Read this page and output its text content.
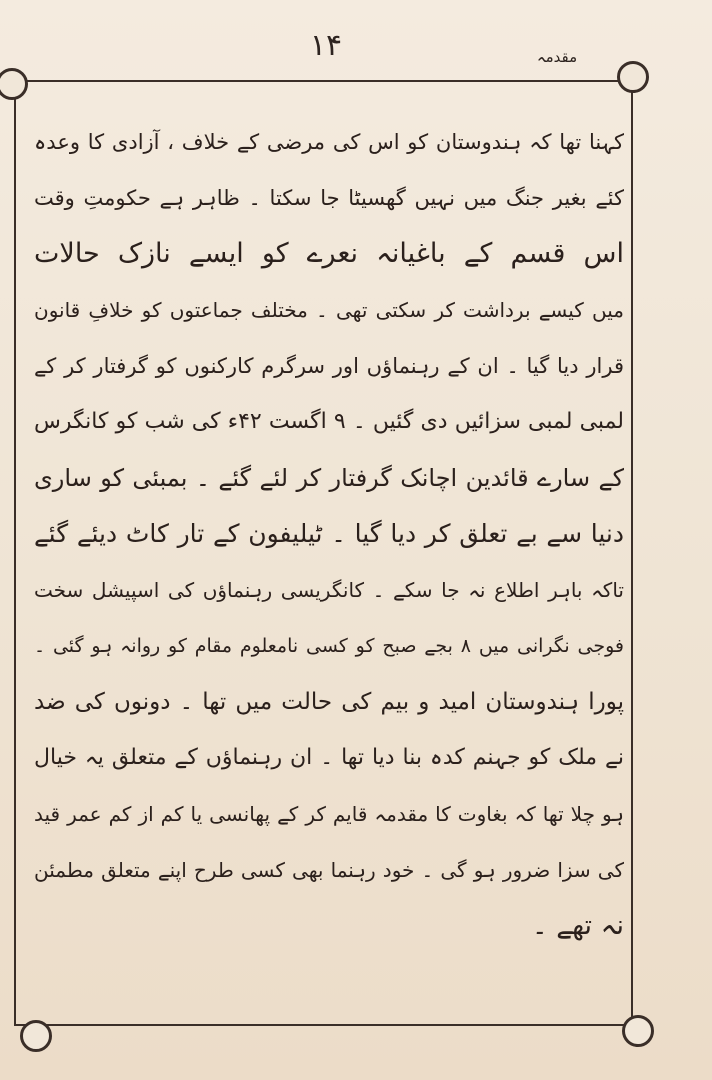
۱۴	مقدمہ
کہنا تھا کہ ہندوستان کو اس کی مرضی کے خلاف ، آزادی کا وعدہ
کئے بغیر جنگ میں نہیں گھسیٹا جا سکتا ۔ ظاہر ہے حکومتِ وقت
اس قسم کے باغیانہ نعرے کو ایسے نازک حالات
میں کیسے برداشت کر سکتی تھی ۔ مختلف جماعتوں کو خلافِ قانون
قرار دیا گیا ۔ ان کے رہنماؤں اور سرگرم کارکنوں کو گرفتار کر کے
لمبی لمبی سزائیں دی گئیں ۔ ۹ اگست ۴۲ء کی شب کو کانگرس
کے سارے قائدین اچانک گرفتار کر لئے گئے ۔ بمبئی کو ساری
دنیا سے بے تعلق کر دیا گیا ۔ ٹیلیفون کے تار کاٹ دیئے گئے
تاکہ باہر اطلاع نہ جا سکے ۔ کانگریسی رہنماؤں کی اسپیشل سخت
فوجی نگرانی میں ۸ بجے صبح کو کسی نامعلوم مقام کو روانہ ہو گئی ۔
پورا ہندوستان امید و بیم کی حالت میں تھا ۔ دونوں کی ضد
نے ملک کو جہنم کدہ بنا دیا تھا ۔ ان رہنماؤں کے متعلق یہ خیال
ہو چلا تھا کہ بغاوت کا مقدمہ قایم کر کے پھانسی یا کم از کم عمر قید
کی سزا ضرور ہو گی ۔ خود رہنما بھی کسی طرح اپنے متعلق مطمئن
نہ تھے ۔
